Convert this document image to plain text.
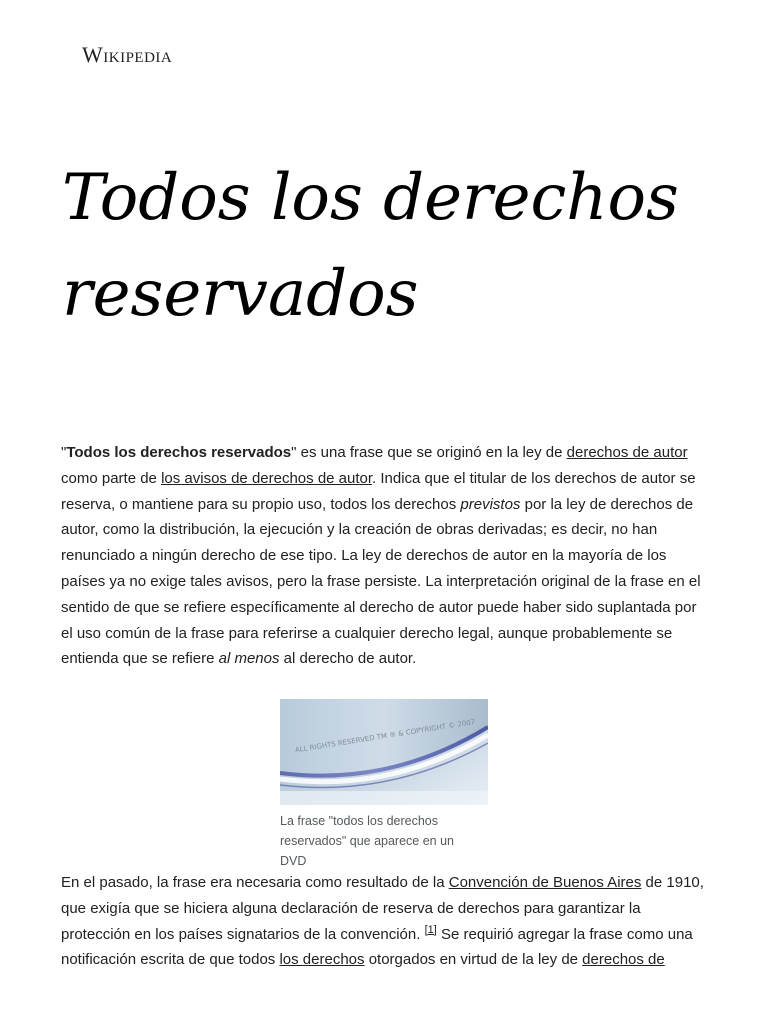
Wikipedia
Todos los derechos reservados

"Todos los derechos reservados" es una frase que se originó en la ley de derechos de autor como parte de los avisos de derechos de autor. Indica que el titular de los derechos de autor se reserva, o mantiene para su propio uso, todos los derechos previstos por la ley de derechos de autor, como la distribución, la ejecución y la creación de obras derivadas; es decir, no han renunciado a ningún derecho de ese tipo. La ley de derechos de autor en la mayoría de los países ya no exige tales avisos, pero la frase persiste. La interpretación original de la frase en el sentido de que se refiere específicamente al derecho de autor puede haber sido suplantada por el uso común de la frase para referirse a cualquier derecho legal, aunque probablemente se entienda que se refiere al menos al derecho de autor.

ALL RIGHTS RESERVED TM ® & COPYRIGHT © 2007
La frase "todos los derechos reservados" que aparece en un DVD

En el pasado, la frase era necesaria como resultado de la Convención de Buenos Aires de 1910, que exigía que se hiciera alguna declaración de reserva de derechos para garantizar la protección en los países signatarios de la convención. [1] Se requirió agregar la frase como una notificación escrita de que todos los derechos otorgados en virtud de la ley de derechos de
